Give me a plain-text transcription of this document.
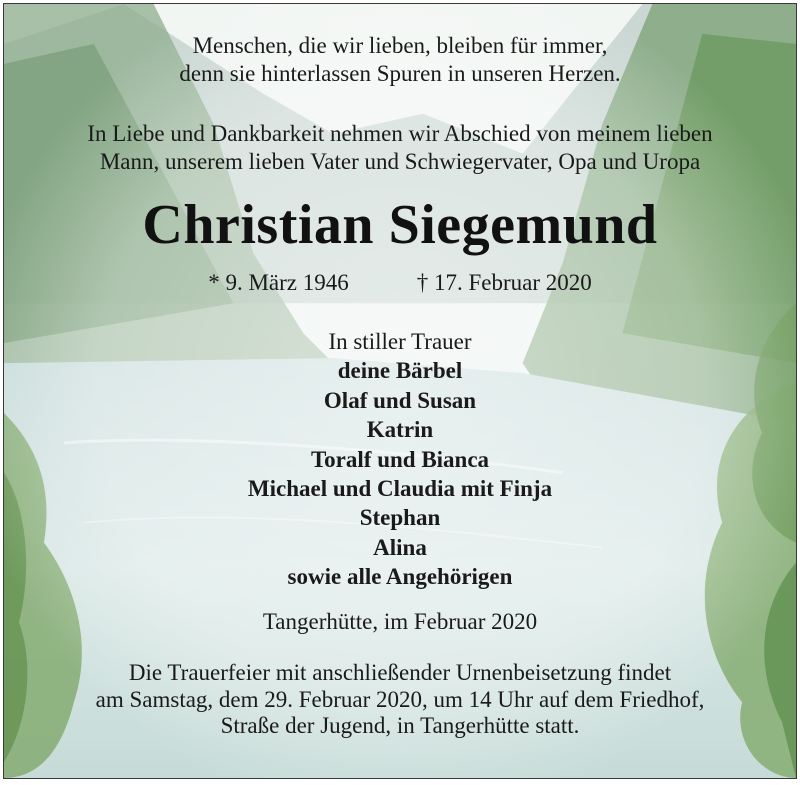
Menschen, die wir lieben, bleiben für immer,
denn sie hinterlassen Spuren in unseren Herzen.
In Liebe und Dankbarkeit nehmen wir Abschied von meinem lieben
Mann, unserem lieben Vater und Schwiegervater, Opa und Uropa
Christian Siegemund
* 9. März 1946	† 17. Februar 2020
In stiller Trauer
deine Bärbel
Olaf und Susan
Katrin
Toralf und Bianca
Michael und Claudia mit Finja
Stephan
Alina
sowie alle Angehörigen
Tangerhütte, im Februar 2020
Die Trauerfeier mit anschließender Urnenbeisetzung findet
am Samstag, dem 29. Februar 2020, um 14 Uhr auf dem Friedhof,
Straße der Jugend, in Tangerhütte statt.
